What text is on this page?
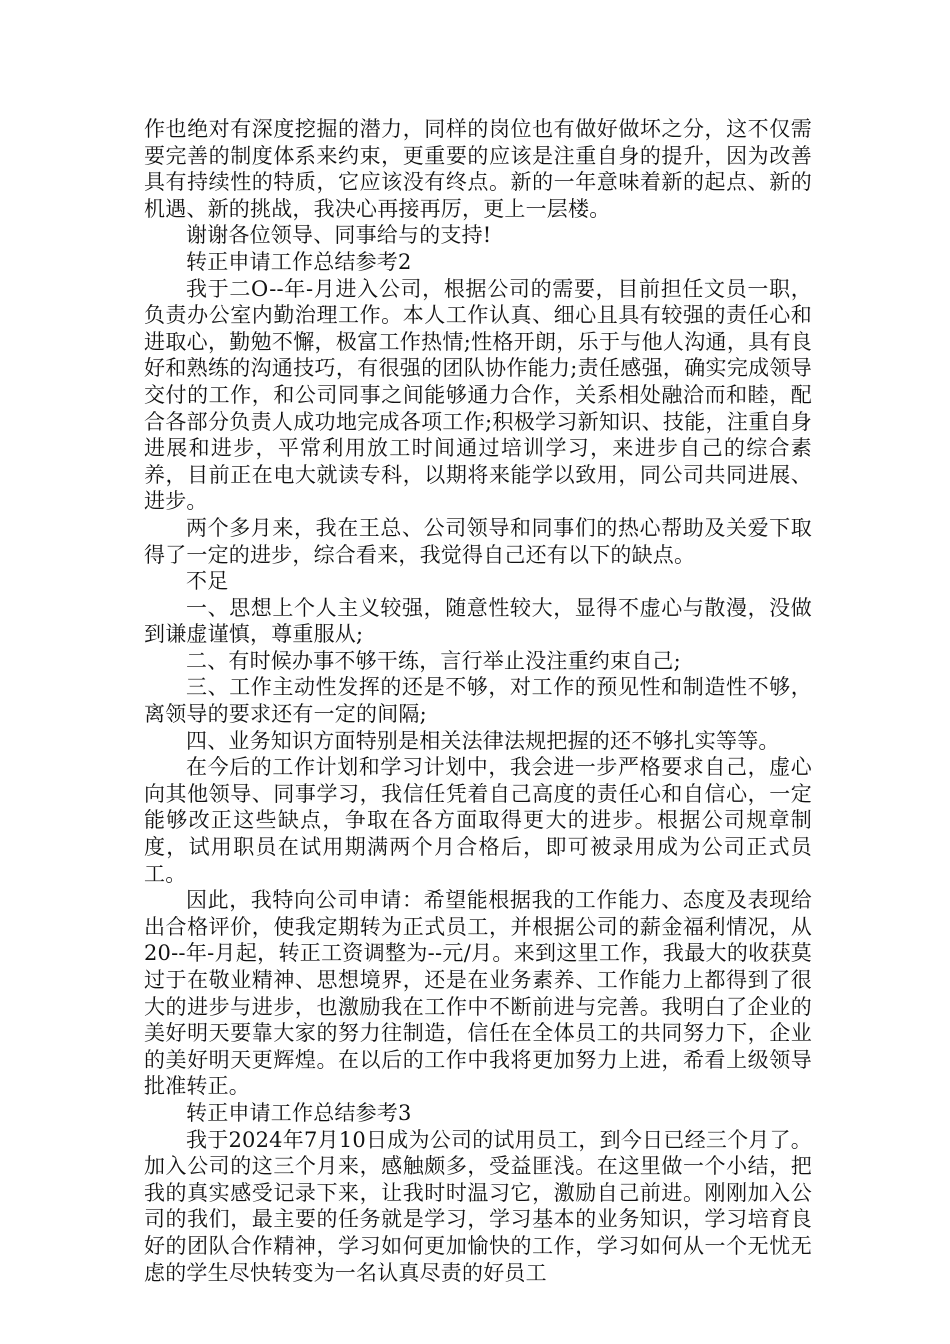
作也绝对有深度挖掘的潜力，同样的岗位也有做好做坏之分，这不仅需要完善的制度体系来约束，更重要的应该是注重自身的提升，因为改善具有持续性的特质，它应该没有终点。新的一年意味着新的起点、新的机遇、新的挑战，我决心再接再厉，更上一层楼。

谢谢各位领导、同事给与的支持!

转正申请工作总结参考2

我于二O--年-月进入公司，根据公司的需要，目前担任文员一职，负责办公室内勤治理工作。本人工作认真、细心且具有较强的责任心和进取心，勤勉不懈，极富工作热情;性格开朗，乐于与他人沟通，具有良好和熟练的沟通技巧，有很强的团队协作能力;责任感强，确实完成领导交付的工作，和公司同事之间能够通力合作，关系相处融洽而和睦，配合各部分负责人成功地完成各项工作;积极学习新知识、技能，注重自身进展和进步，平常利用放工时间通过培训学习，来进步自己的综合素养，目前正在电大就读专科，以期将来能学以致用，同公司共同进展、进步。

两个多月来，我在王总、公司领导和同事们的热心帮助及关爱下取得了一定的进步，综合看来，我觉得自己还有以下的缺点。

不足

一、思想上个人主义较强，随意性较大，显得不虚心与散漫，没做到谦虚谨慎，尊重服从;

二、有时候办事不够干练，言行举止没注重约束自己;

三、工作主动性发挥的还是不够，对工作的预见性和制造性不够，离领导的要求还有一定的间隔;

四、业务知识方面特别是相关法律法规把握的还不够扎实等等。

在今后的工作计划和学习计划中，我会进一步严格要求自己，虚心向其他领导、同事学习，我信任凭着自己高度的责任心和自信心，一定能够改正这些缺点，争取在各方面取得更大的进步。根据公司规章制度，试用职员在试用期满两个月合格后，即可被录用成为公司正式员工。

因此，我特向公司申请：希望能根据我的工作能力、态度及表现给出合格评价，使我定期转为正式员工，并根据公司的薪金福利情况，从20--年-月起，转正工资调整为--元/月。来到这里工作，我最大的收获莫过于在敬业精神、思想境界，还是在业务素养、工作能力上都得到了很大的进步与进步，也激励我在工作中不断前进与完善。我明白了企业的美好明天要靠大家的努力往制造，信任在全体员工的共同努力下，企业的美好明天更辉煌。在以后的工作中我将更加努力上进，希看上级领导批准转正。

转正申请工作总结参考3

我于2024年7月10日成为公司的试用员工，到今日已经三个月了。加入公司的这三个月来，感触颇多，受益匪浅。在这里做一个小结，把我的真实感受记录下来，让我时时温习它，激励自己前进。刚刚加入公司的我们，最主要的任务就是学习，学习基本的业务知识，学习培育良好的团队合作精神，学习如何更加愉快的工作，学习如何从一个无忧无虑的学生尽快转变为一名认真尽责的好员工
